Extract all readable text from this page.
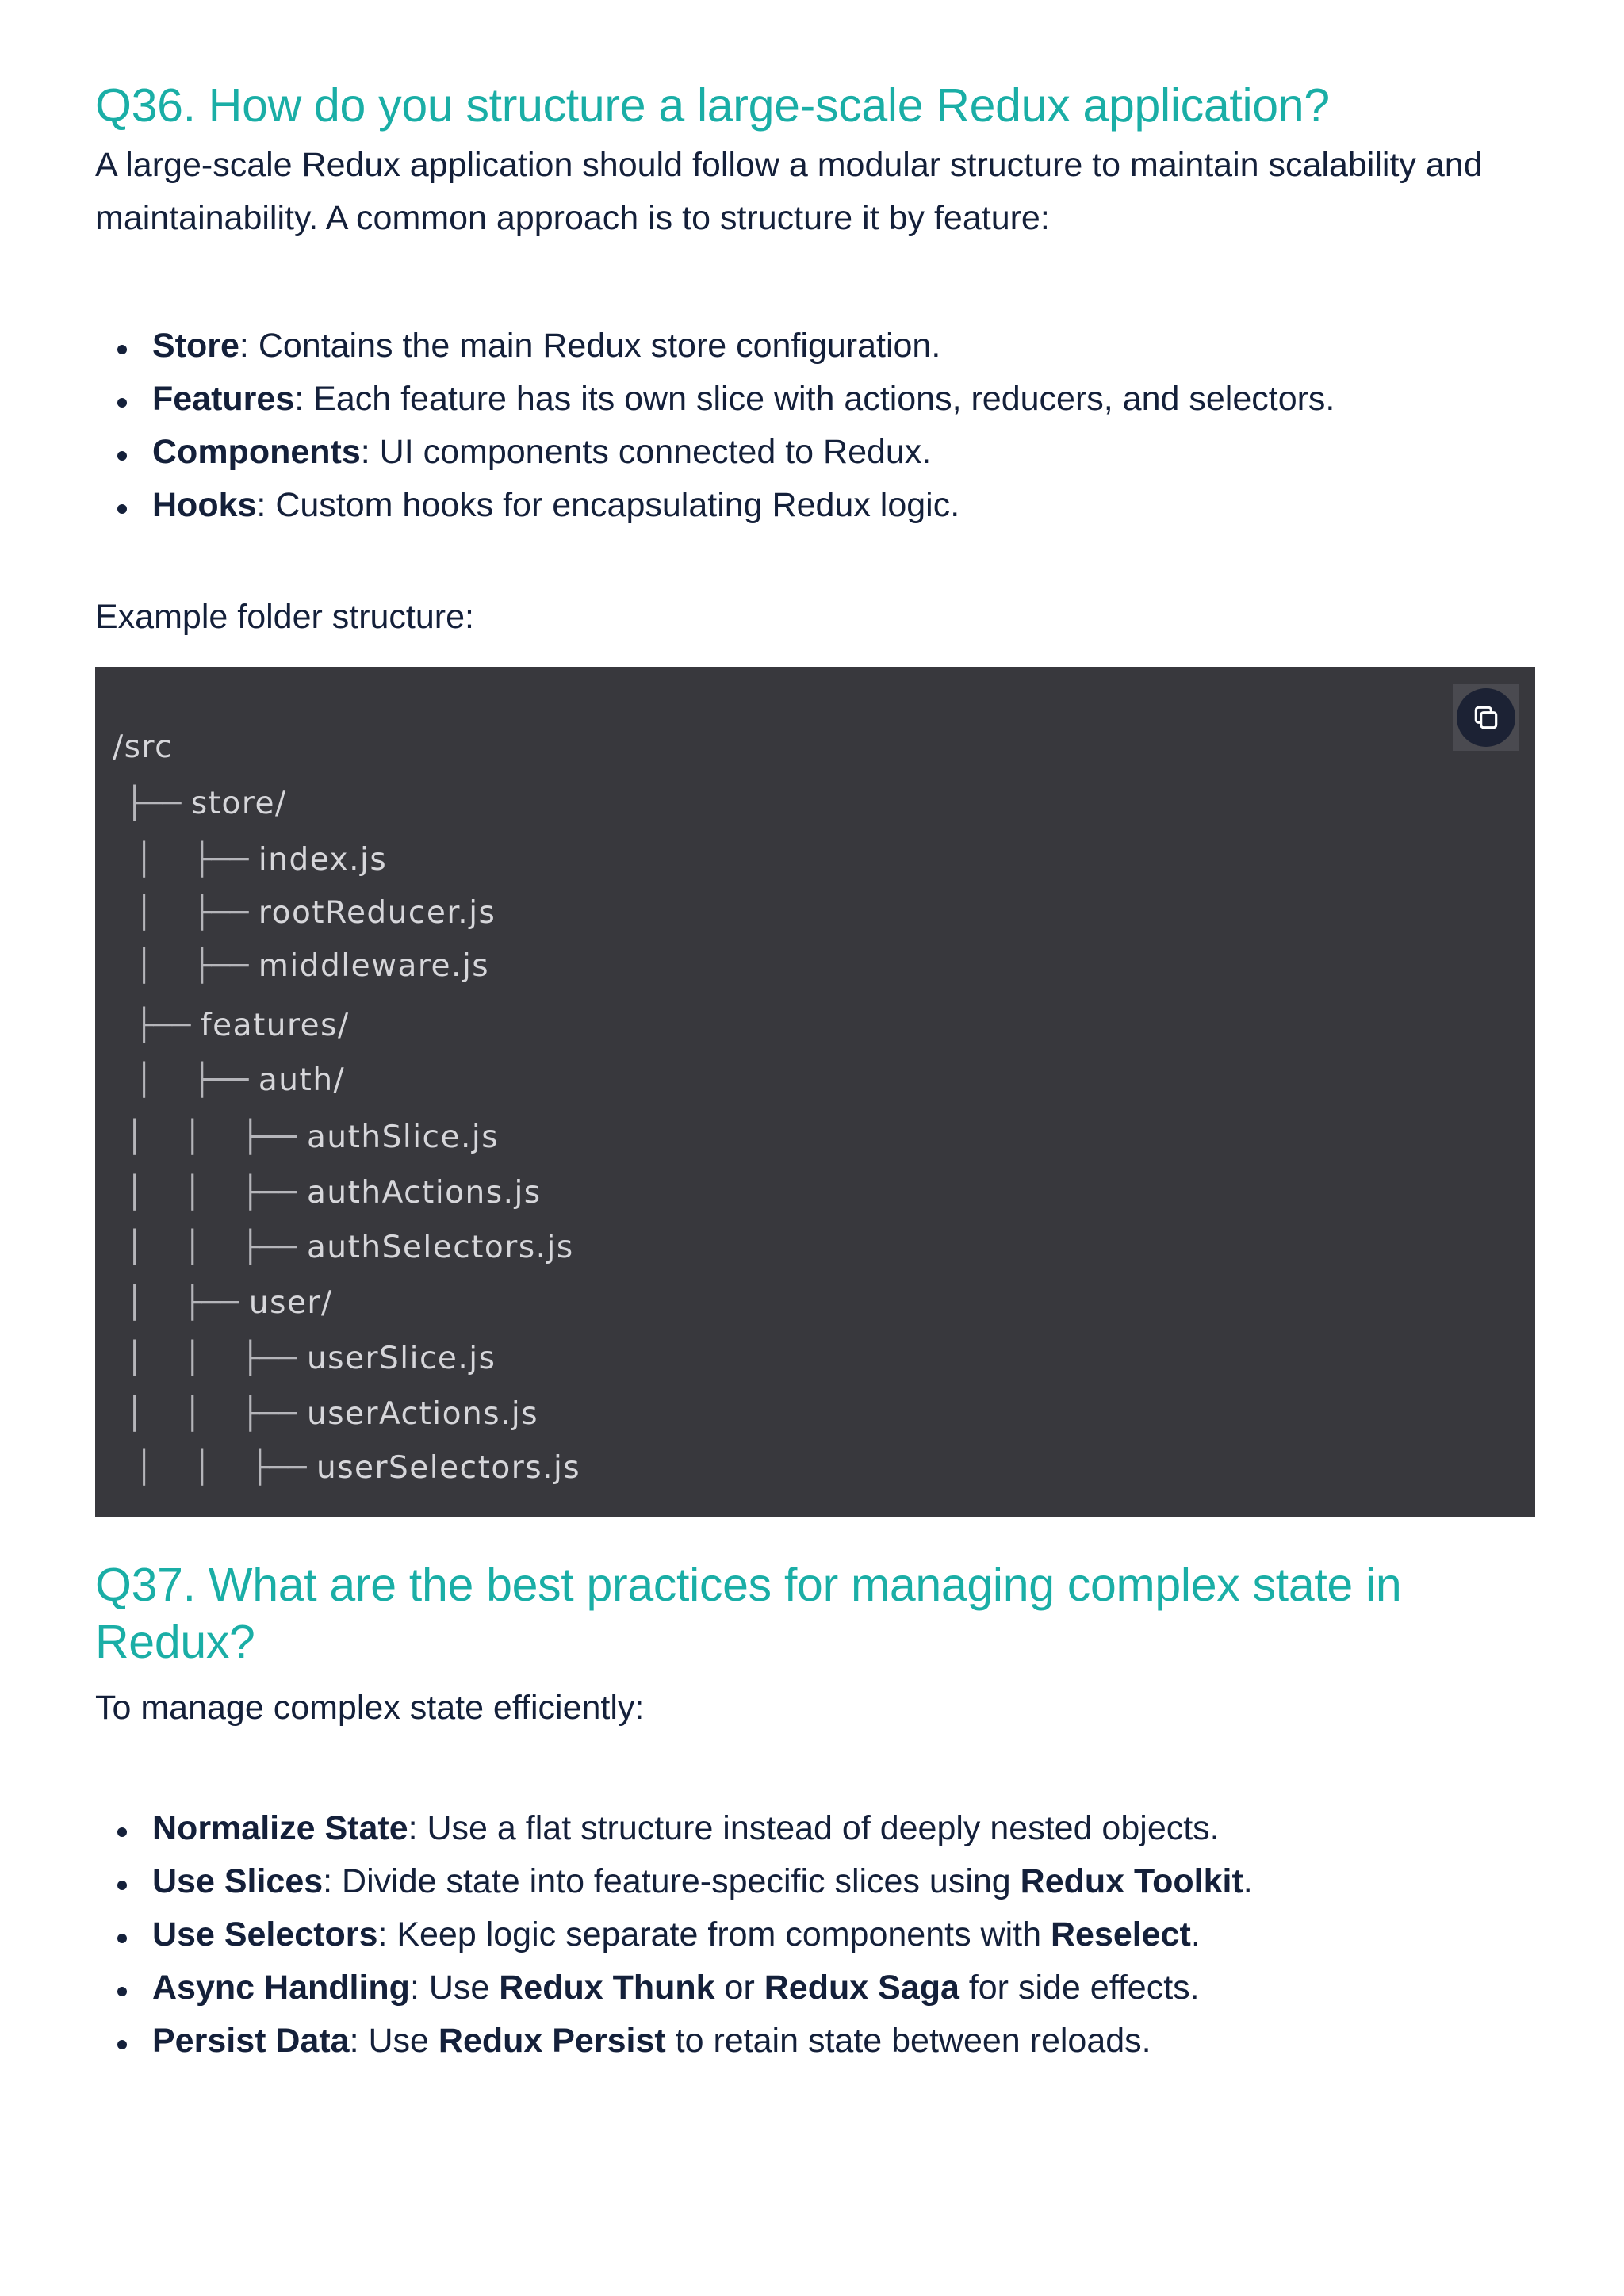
Q36. How do you structure a large-scale Redux application?

A large-scale Redux application should follow a modular structure to maintain scalability and maintainability. A common approach is to structure it by feature:

Store: Contains the main Redux store configuration.
Features: Each feature has its own slice with actions, reducers, and selectors.
Components: UI components connected to Redux.
Hooks: Custom hooks for encapsulating Redux logic.

Example folder structure:

/src
├── store/
│    ├── index.js
│    ├── rootReducer.js
│    ├── middleware.js
├── features/
│    ├── auth/
│    │    ├── authSlice.js
│    │    ├── authActions.js
│    │    ├── authSelectors.js
│    ├── user/
│    │    ├── userSlice.js
│    │    ├── userActions.js
│    │    ├── userSelectors.js
Q37. What are the best practices for managing complex state in Redux?

To manage complex state efficiently:

Normalize State: Use a flat structure instead of deeply nested objects.
Use Slices: Divide state into feature-specific slices using Redux Toolkit.
Use Selectors: Keep logic separate from components with Reselect.
Async Handling: Use Redux Thunk or Redux Saga for side effects.
Persist Data: Use Redux Persist to retain state between reloads.
